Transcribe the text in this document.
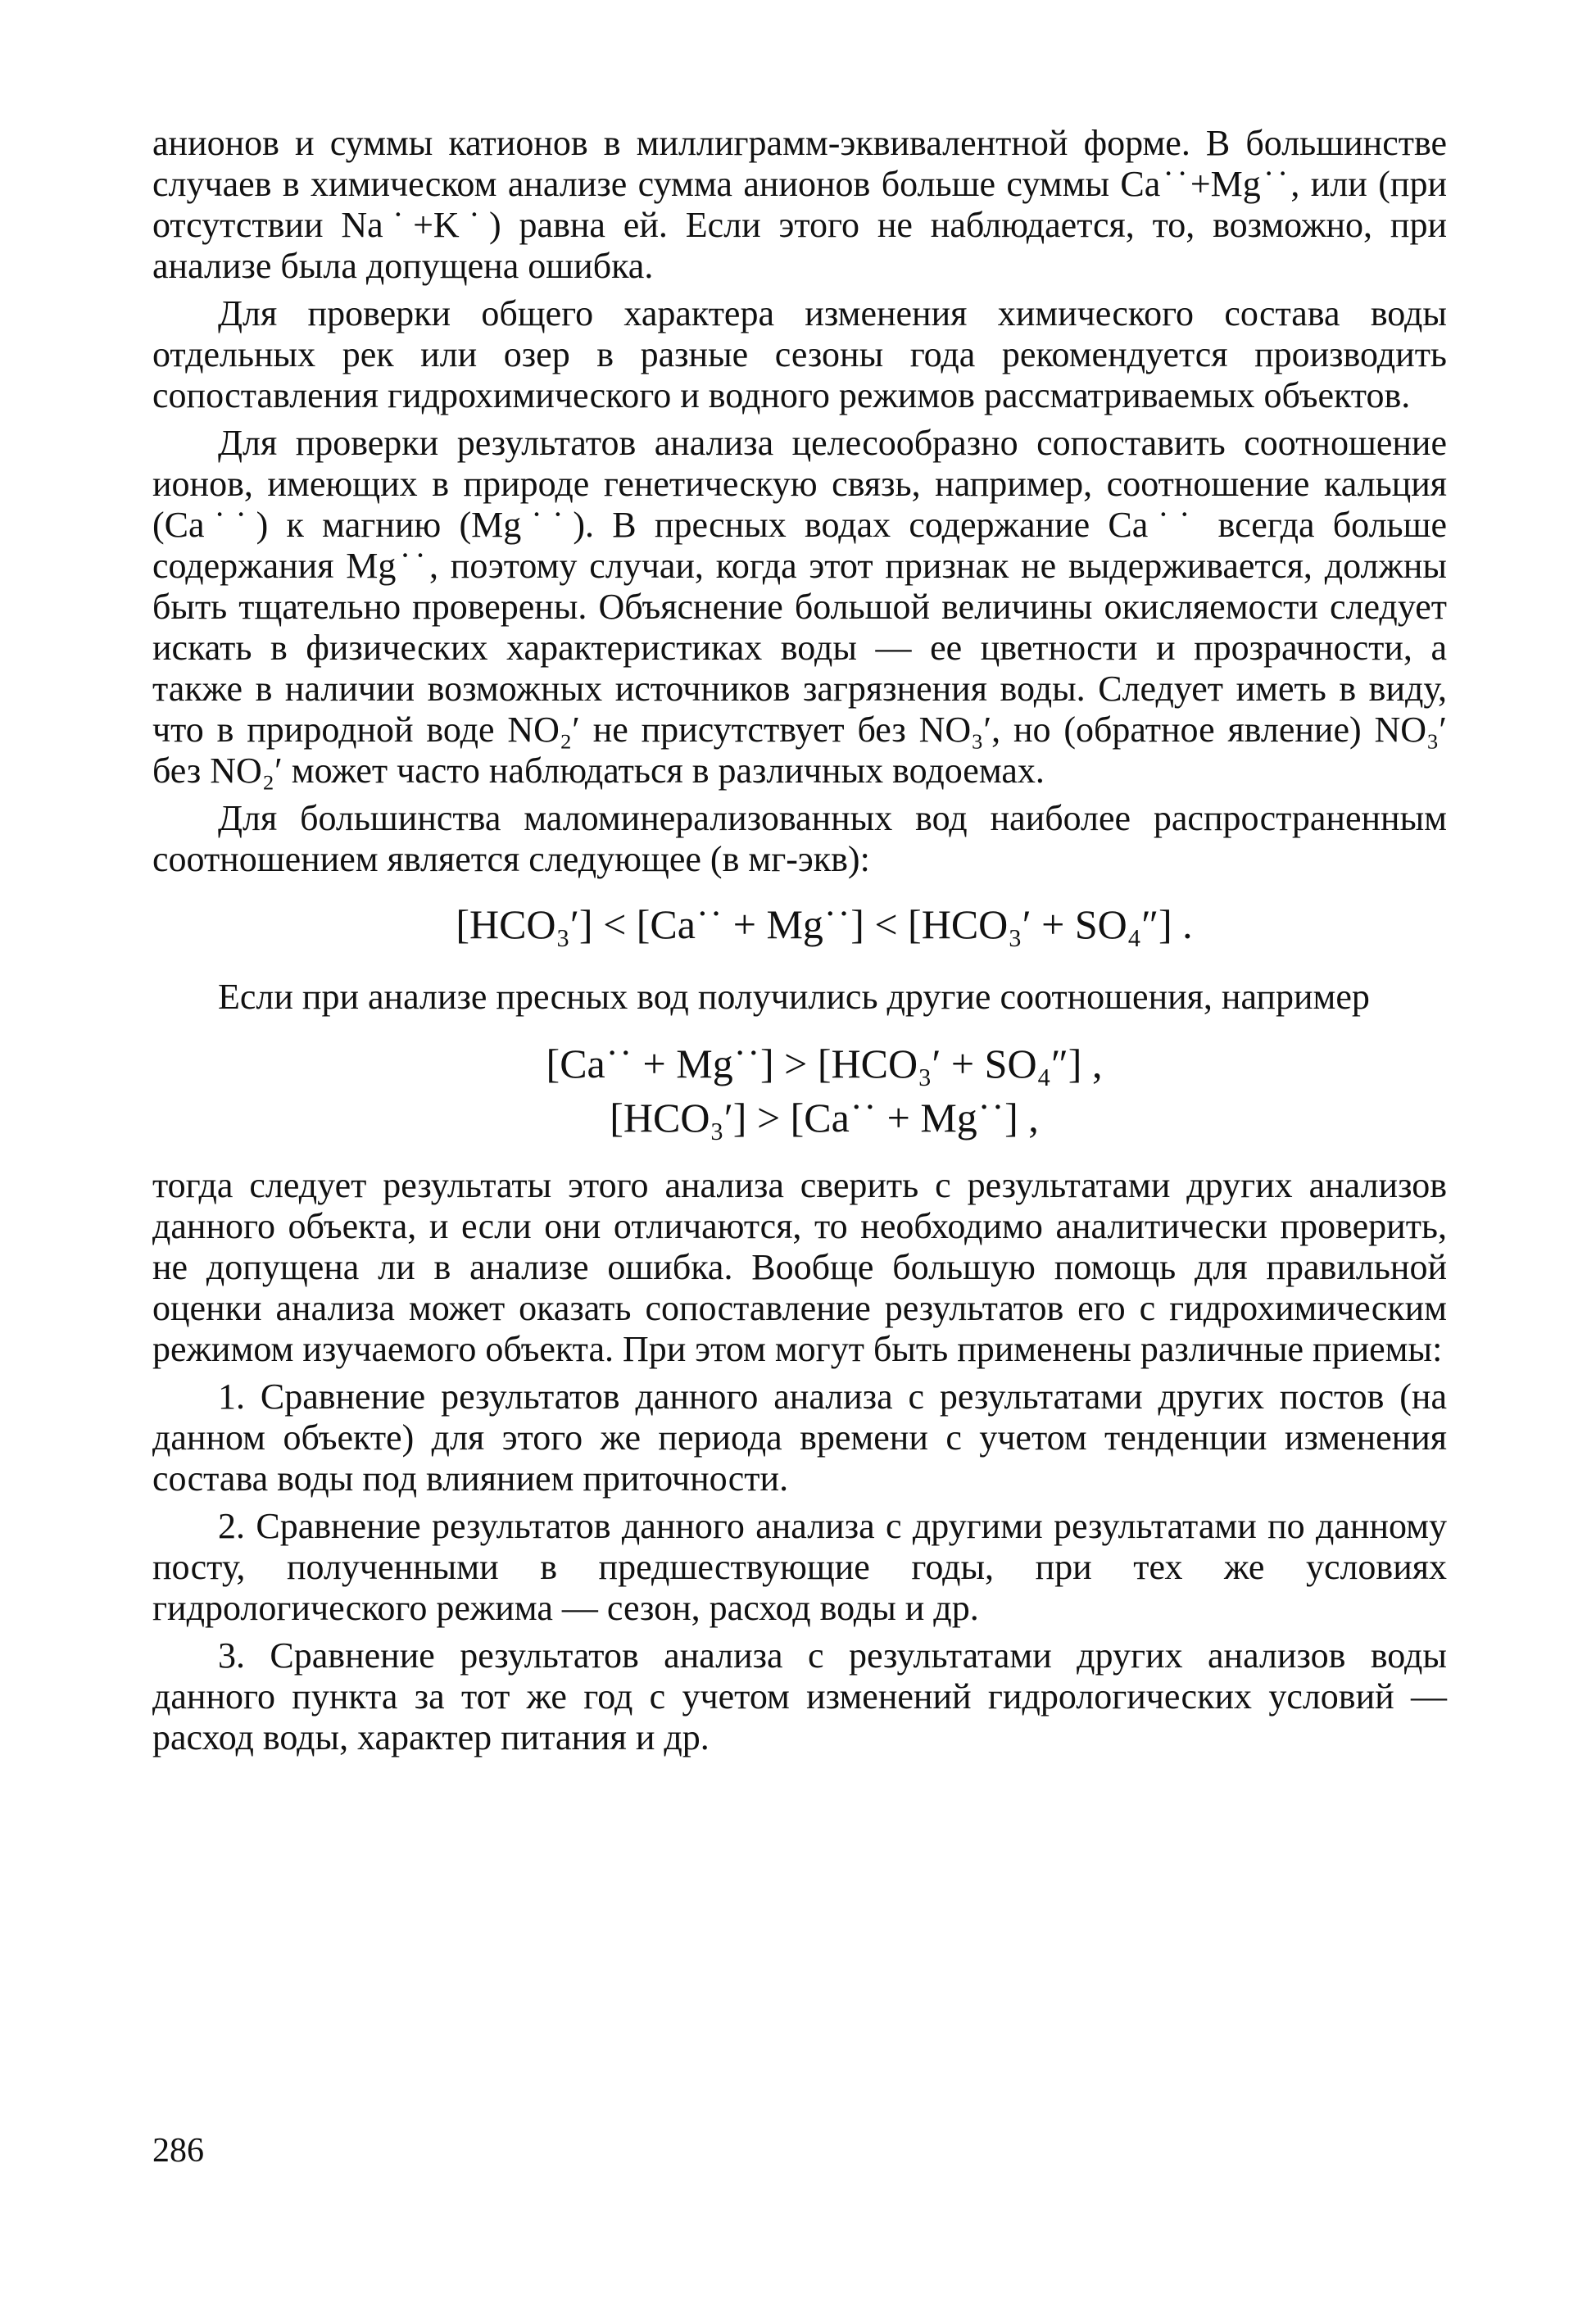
анионов и суммы катионов в миллиграмм-эквивалентной форме. В большинстве случаев в химическом анализе сумма анионов больше суммы Ca˙˙+Mg˙˙, или (при отсутствии Na˙+K˙) равна ей. Если этого не наблюдается, то, возможно, при анализе была допущена ошибка.

Для проверки общего характера изменения химического состава воды отдельных рек или озер в разные сезоны года рекомендуется производить сопоставления гидрохимического и водного режимов рассматриваемых объектов.

Для проверки результатов анализа целесообразно сопоставить соотношение ионов, имеющих в природе генетическую связь, например, соотношение кальция (Ca˙˙) к магнию (Mg˙˙). В пресных водах содержание Ca˙˙ всегда больше содержания Mg˙˙, поэтому случаи, когда этот признак не выдерживается, должны быть тщательно проверены. Объяснение большой величины окисляемости следует искать в физических характеристиках воды — ее цветности и прозрачности, а также в наличии возможных источников загрязнения воды. Следует иметь в виду, что в природной воде NO₂′ не присутствует без NO₃′, но (обратное явление) NO₃′ без NO₂′ может часто наблюдаться в различных водоемах.

Для большинства маломинерализованных вод наиболее распространенным соотношением является следующее (в мг-экв):

[HCO₃′] < [Ca˙˙ + Mg˙˙] < [HCO₃′ + SO₄″] .

Если при анализе пресных вод получились другие соотношения, например

[Ca˙˙ + Mg˙˙] > [HCO₃′ + SO₄″] ,
[HCO₃′] > [Ca˙˙ + Mg˙˙] ,

тогда следует результаты этого анализа сверить с результатами других анализов данного объекта, и если они отличаются, то необходимо аналитически проверить, не допущена ли в анализе ошибка. Вообще большую помощь для правильной оценки анализа может оказать сопоставление результатов его с гидрохимическим режимом изучаемого объекта. При этом могут быть применены различные приемы:

1. Сравнение результатов данного анализа с результатами других постов (на данном объекте) для этого же периода времени с учетом тенденции изменения состава воды под влиянием приточности.

2. Сравнение результатов данного анализа с другими результатами по данному посту, полученными в предшествующие годы, при тех же условиях гидрологического режима — сезон, расход воды и др.

3. Сравнение результатов анализа с результатами других анализов воды данного пункта за тот же год с учетом изменений гидрологических условий — расход воды, характер питания и др.

286
